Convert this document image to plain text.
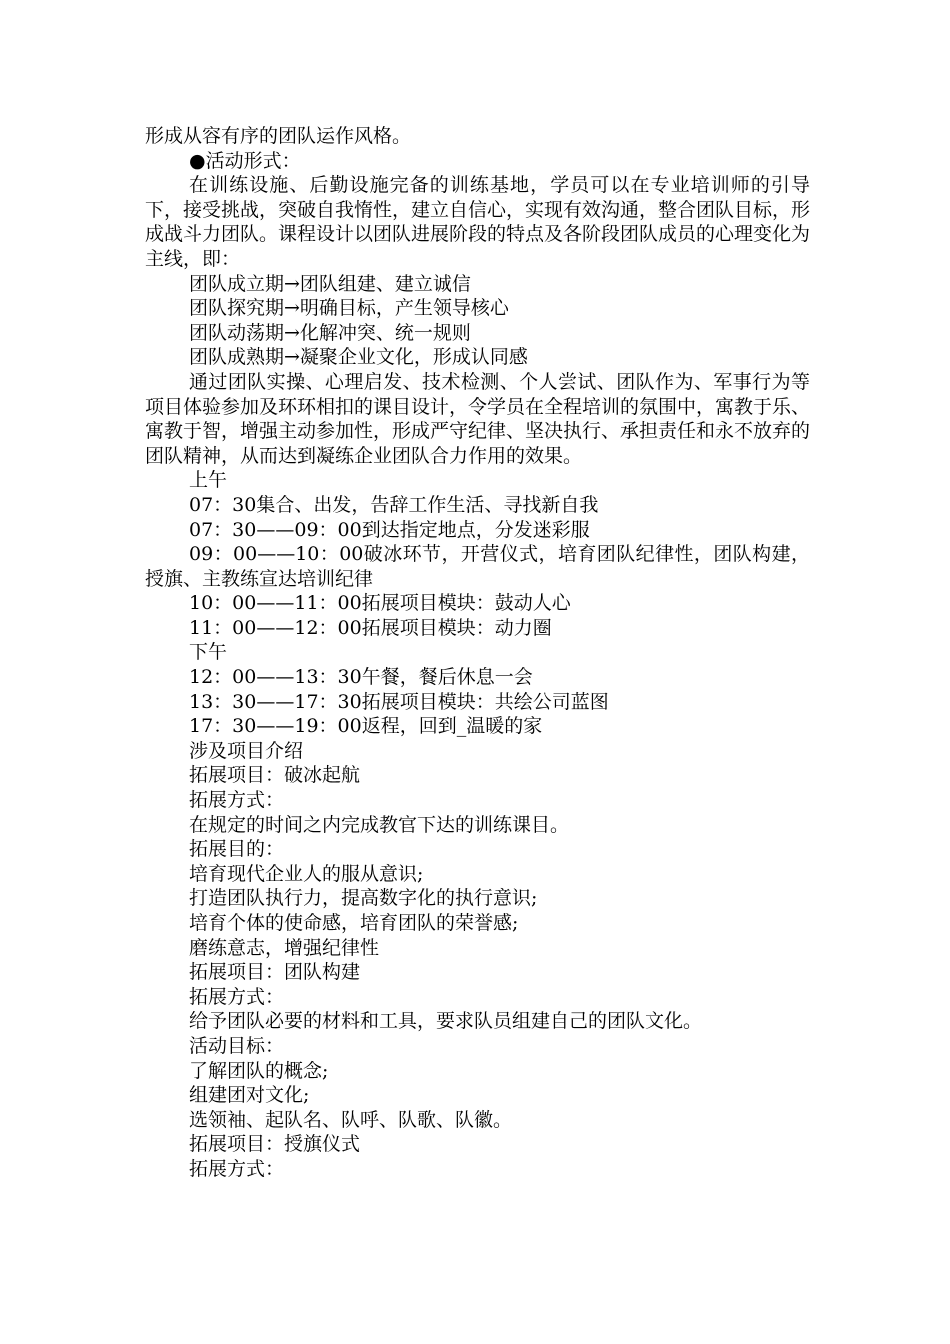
形成从容有序的团队运作风格。

●活动形式：

在训练设施、后勤设施完备的训练基地，学员可以在专业培训师的引导下，接受挑战，突破自我惰性，建立自信心，实现有效沟通，整合团队目标，形成战斗力团队。课程设计以团队进展阶段的特点及各阶段团队成员的心理变化为主线，即：

团队成立期→团队组建、建立诚信

团队探究期→明确目标，产生领导核心

团队动荡期→化解冲突、统一规则

团队成熟期→凝聚企业文化，形成认同感

通过团队实操、心理启发、技术检测、个人尝试、团队作为、军事行为等项目体验参加及环环相扣的课目设计，令学员在全程培训的氛围中，寓教于乐、寓教于智，增强主动参加性，形成严守纪律、坚决执行、承担责任和永不放弃的团队精神，从而达到凝练企业团队合力作用的效果。

上午

07：30集合、出发，告辞工作生活、寻找新自我

07：30——09：00到达指定地点，分发迷彩服

09：00——10：00破冰环节，开营仪式，培育团队纪律性，团队构建，授旗、主教练宣达培训纪律

10：00——11：00拓展项目模块：鼓动人心

11：00——12：00拓展项目模块：动力圈

下午

12：00——13：30午餐，餐后休息一会

13：30——17：30拓展项目模块：共绘公司蓝图

17：30——19：00返程，回到_温暖的家

涉及项目介绍

拓展项目：破冰起航

拓展方式：

在规定的时间之内完成教官下达的训练课目。

拓展目的：

培育现代企业人的服从意识;

打造团队执行力，提高数字化的执行意识;

培育个体的使命感，培育团队的荣誉感;

磨练意志，增强纪律性

拓展项目：团队构建

拓展方式：

给予团队必要的材料和工具，要求队员组建自己的团队文化。

活动目标：

了解团队的概念;

组建团对文化;

选领袖、起队名、队呼、队歌、队徽。

拓展项目：授旗仪式

拓展方式：
